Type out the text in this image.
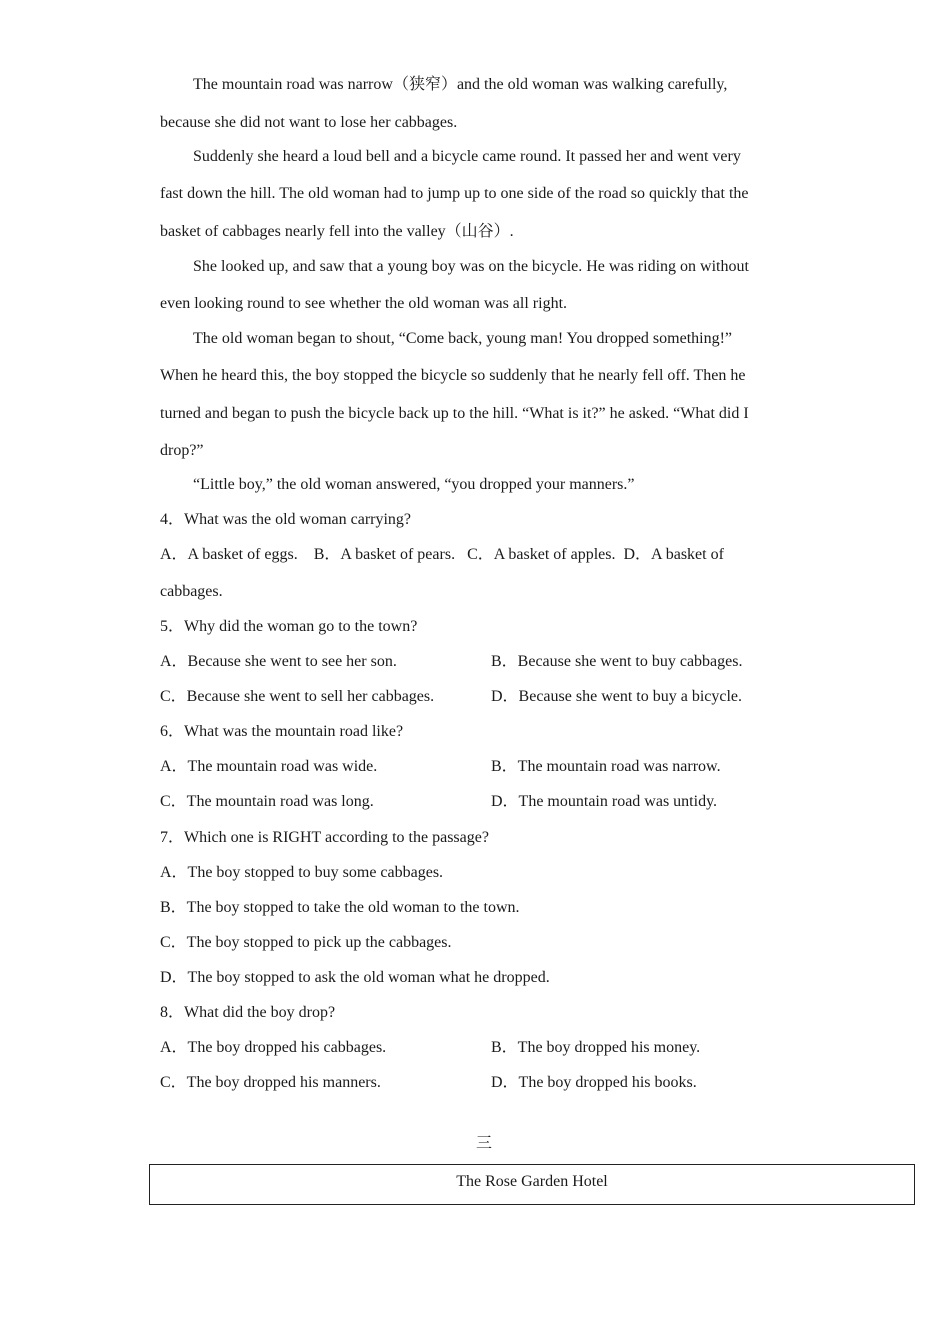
The mountain road was narrow（狭窄）and the old woman was walking carefully,
because she did not want to lose her cabbages.
Suddenly she heard a loud bell and a bicycle came round. It passed her and went very
fast down the hill. The old woman had to jump up to one side of the road so quickly that the
basket of cabbages nearly fell into the valley（山谷）.
She looked up, and saw that a young boy was on the bicycle. He was riding on without
even looking round to see whether the old woman was all right.
The old woman began to shout, “Come back, young man! You dropped something!”
When he heard this, the boy stopped the bicycle so suddenly that he nearly fell off. Then he
turned and began to push the bicycle back up to the hill. “What is it?” he asked. “What did I
drop?”
“Little boy,” the old woman answered, “you dropped your manners.”
4．What was the old woman carrying?
A．A basket of eggs.    B．A basket of pears.   C．A basket of apples.  D．A basket of
cabbages.
5．Why did the woman go to the town?
A．Because she went to see her son.	B．Because she went to buy cabbages.
C．Because she went to sell her cabbages.	D．Because she went to buy a bicycle.
6．What was the mountain road like?
A．The mountain road was wide.	B．The mountain road was narrow.
C．The mountain road was long.	D．The mountain road was untidy.
7．Which one is RIGHT according to the passage?
A．The boy stopped to buy some cabbages.
B．The boy stopped to take the old woman to the town.
C．The boy stopped to pick up the cabbages.
D．The boy stopped to ask the old woman what he dropped.
8．What did the boy drop?
A．The boy dropped his cabbages.	B．The boy dropped his money.
C．The boy dropped his manners.	D．The boy dropped his books.
三
The Rose Garden Hotel
